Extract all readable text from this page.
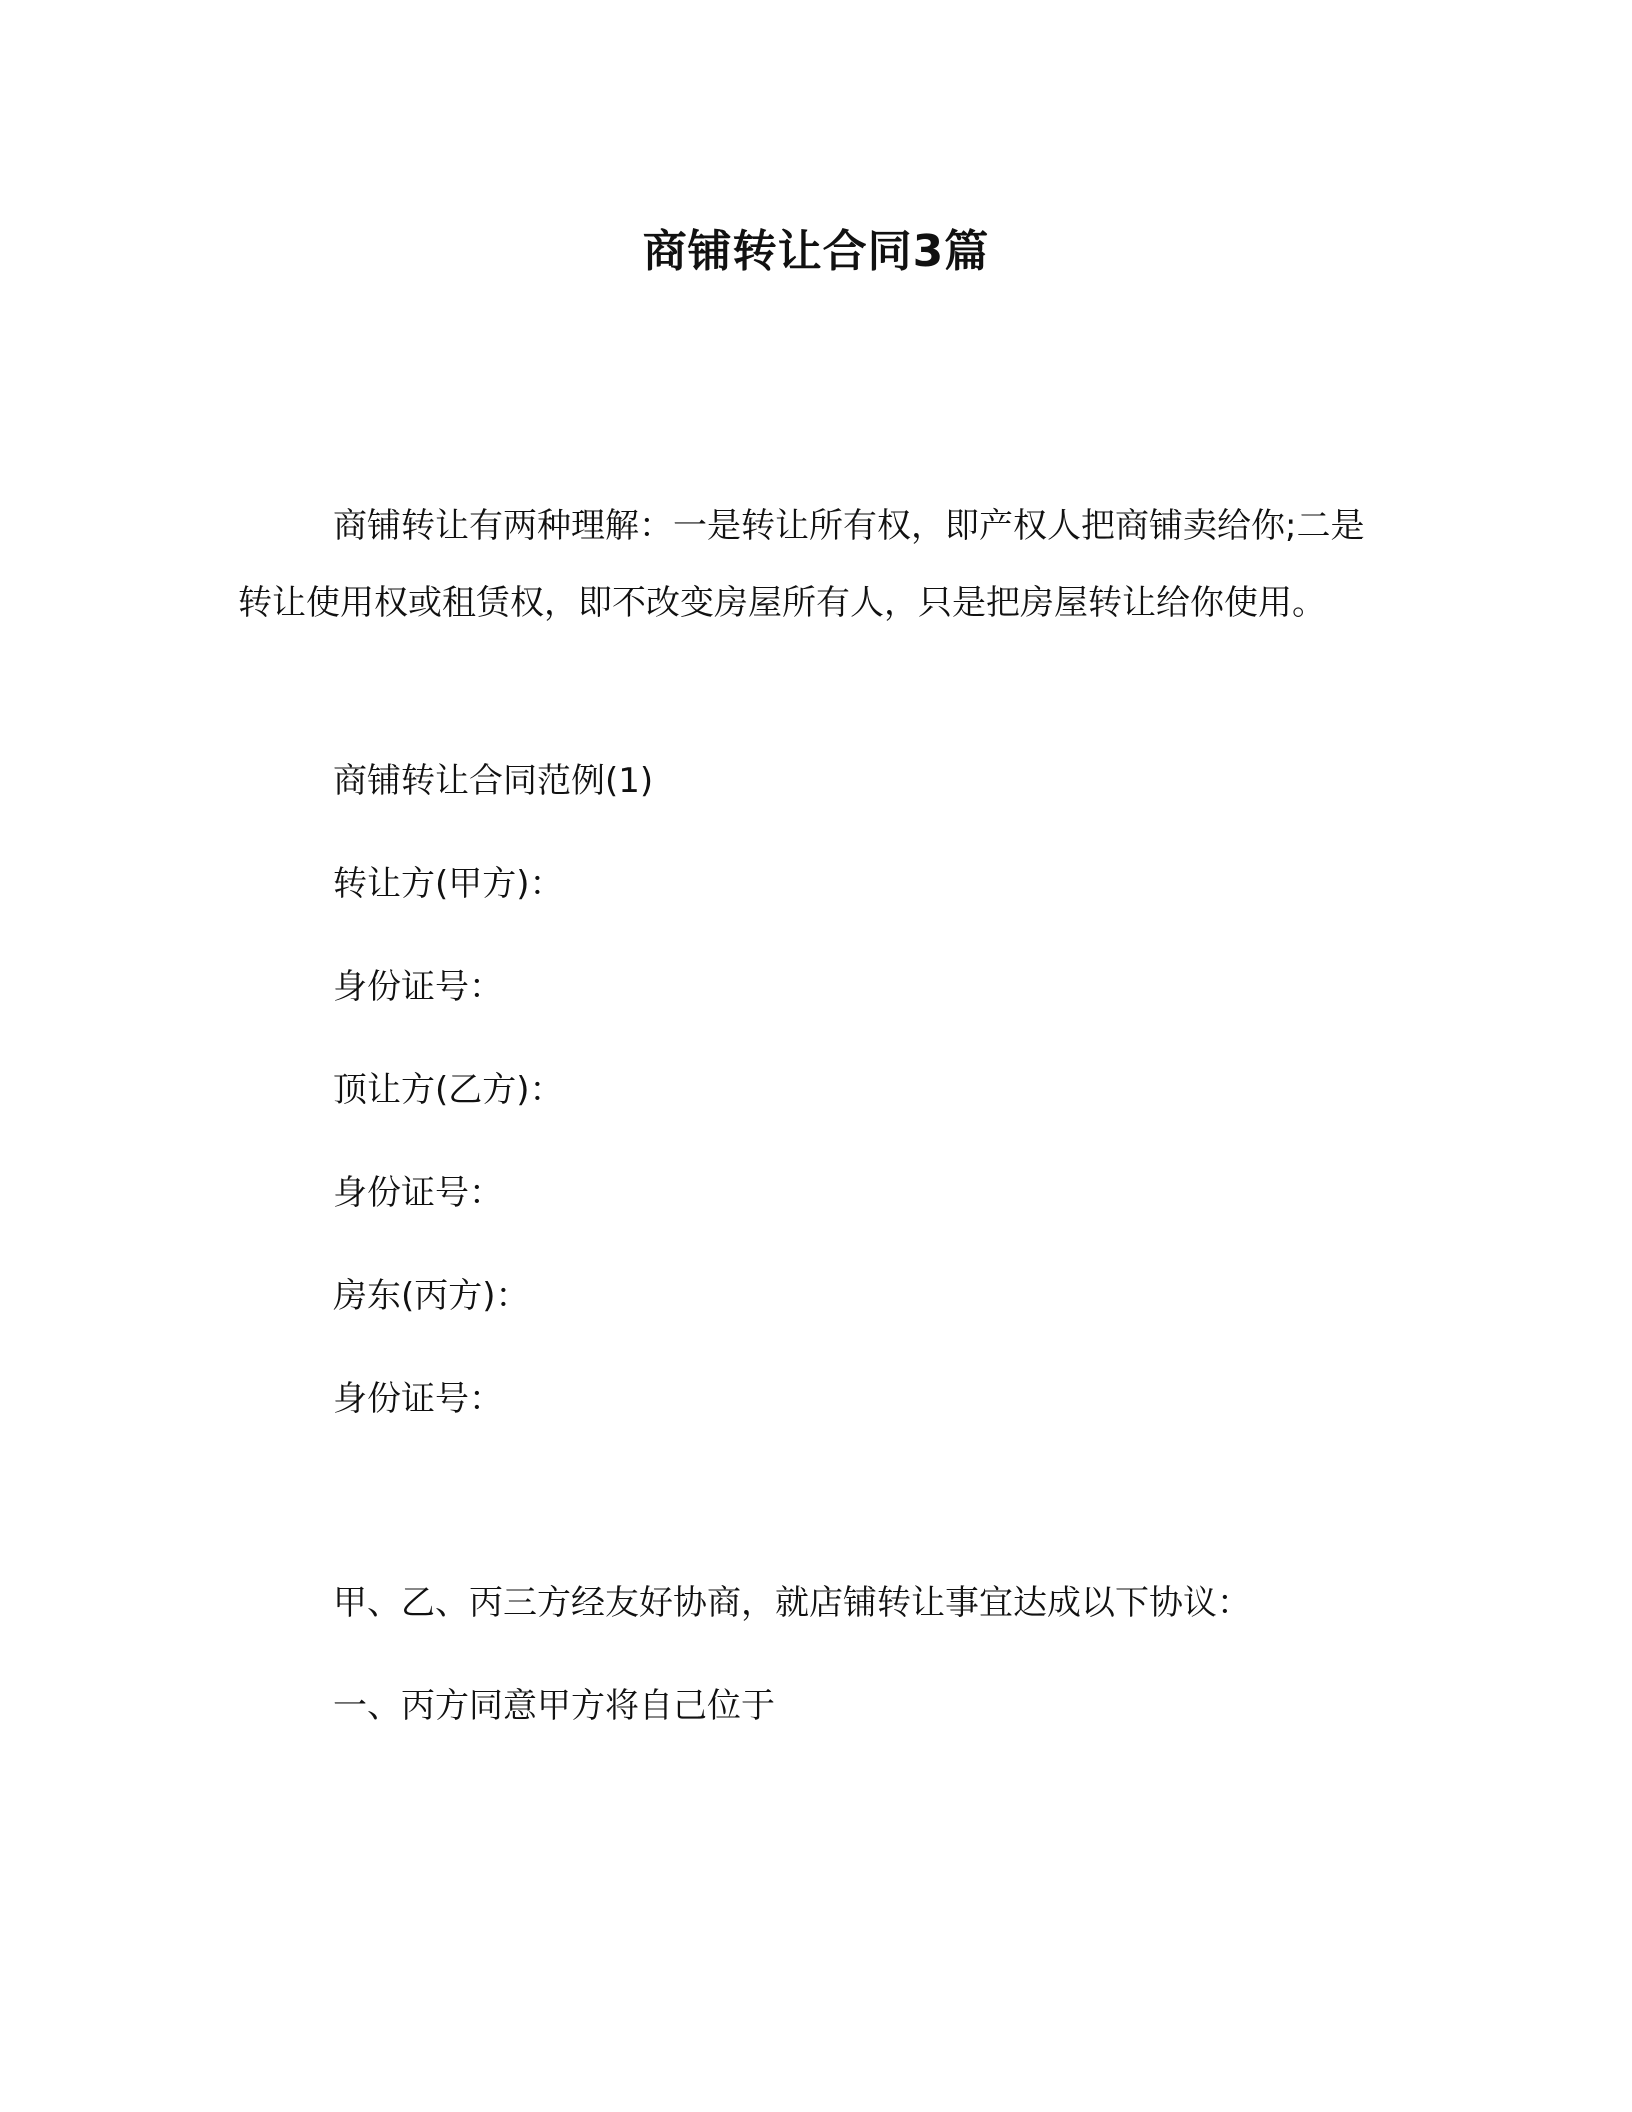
商铺转让合同3篇
商铺转让有两种理解：一是转让所有权，即产权人把商铺卖给你;二是转让使用权或租赁权，即不改变房屋所有人，只是把房屋转让给你使用。
商铺转让合同范例(1)
转让方(甲方)：
身份证号：
顶让方(乙方)：
身份证号：
房东(丙方)：
身份证号：
甲、乙、丙三方经友好协商，就店铺转让事宜达成以下协议：
一、丙方同意甲方将自己位于
